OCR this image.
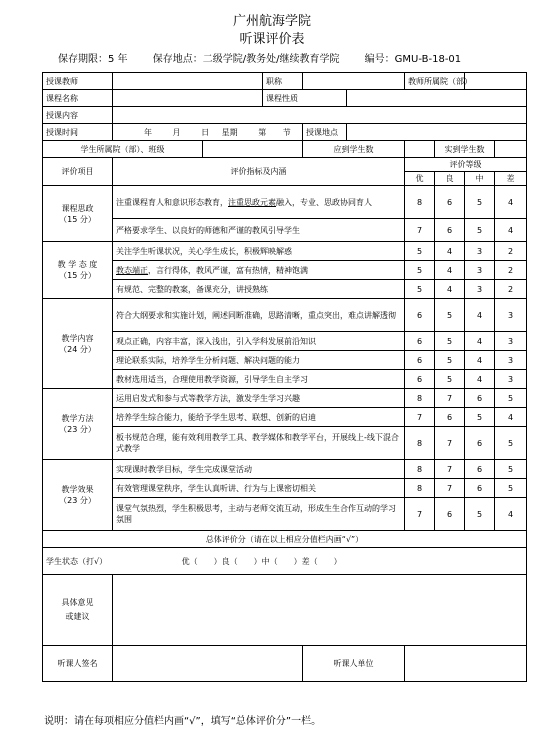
广州航海学院
听课评价表
保存期限：5 年	保存地点：二级学院/教务处/继续教育学院	编号：GMU-B-18-01
授课教师			职称			教师所属院（部）			
课程名称			课程性质						
授课内容									
授课时间	年 月 日 星期 第 节			授课地点					
学生所属院（部）、班级				应到学生数			实到学生数		
评价项目	评价指标及内涵					评价等级			
						优	良	中	差

课程思政
（15 分）	注重课程育人和意识形态教育，注重思政元素融入，专业、思政协同育人					8	6	5	4
	严格要求学生、以良好的师德和严谨的教风引导学生					7	6	5	4

教 学 态 度
（15 分）	关注学生听课状况，关心学生成长，积极辉映解惑					5	4	3	2
	教态端正，言行得体，教风严谨，富有热情，精神饱满					5	4	3	2
	有规范、完整的教案，备课充分，讲授熟练					5	4	3	2

教学内容
（24 分）	符合大纲要求和实施计划，阐述同断准确，思路清晰，重点突出，难点讲解透彻					6	5	4	3
	观点正确，内容丰富，深入浅出，引入学科发展前沿知识					6	5	4	3
	理论联系实际，培养学生分析问题、解决问题的能力					6	5	4	3
	教材选用适当，合理使用教学资源，引导学生自主学习					6	5	4	3

教学方法
（23 分）	运用启发式和参与式等教学方法，激发学生学习兴趣					8	7	6	5
	培养学生综合能力，能给予学生思考、联想、创新的启迪					7	6	5	4
	板书规范合理，能有效利用教学工具、教学媒体和教学平台，开展线上-线下混合式教学					8	7	6	5

教学效果
（23 分）	实现课时教学目标，学生完成课堂活动					8	7	6	5
	有效管理课堂秩序，学生认真听讲、行为与上课密切相关					8	7	6	5
	课堂气氛热烈，学生积极思考，主动与老师交流互动，形成生生合作互动的学习氛围					7	6	5	4
总体评价分（请在以上相应分值栏内画“√”）									
学生状态（打√） 优（　　）良（　　）中（　　）差（　　）									
具体意见
或建议									
听课人签名				听课人单位					
说明：请在每项相应分值栏内画“√”，填写“总体评价分”一栏。
